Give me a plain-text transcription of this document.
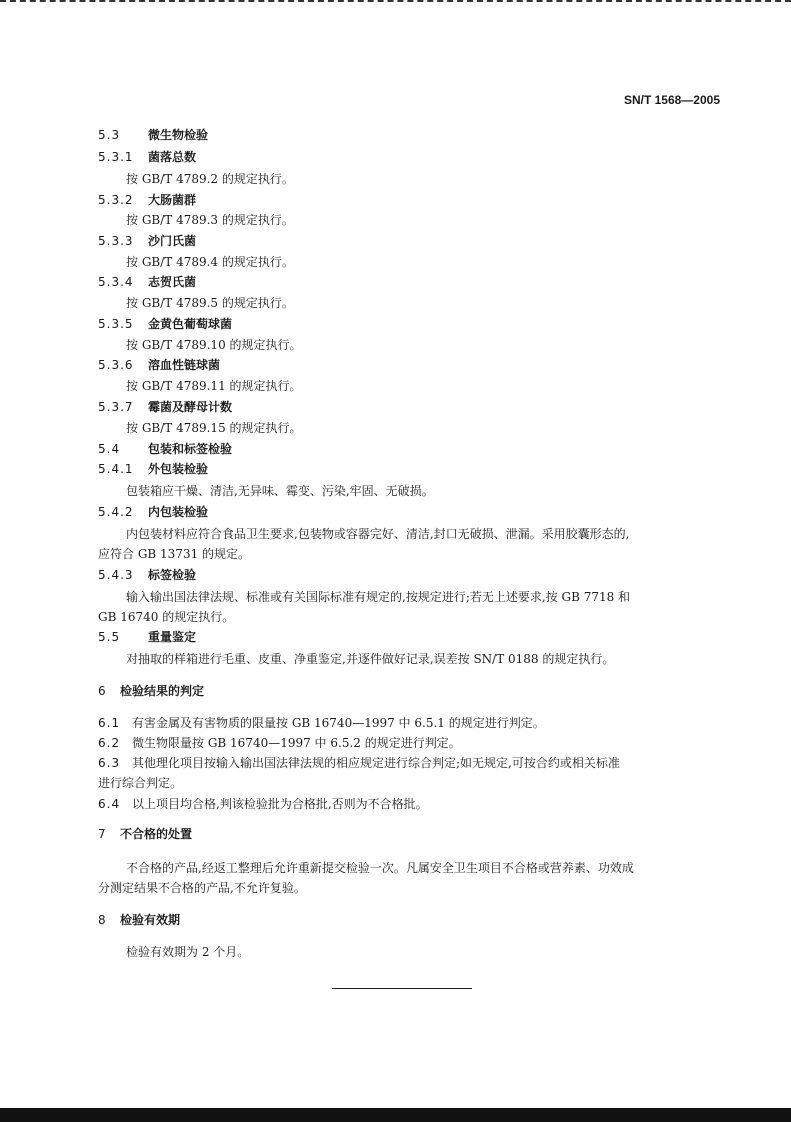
SN/T 1568—2005
5.3 微生物检验
5.3.1 菌落总数
按 GB/T 4789.2 的规定执行。
5.3.2 大肠菌群
按 GB/T 4789.3 的规定执行。
5.3.3 沙门氏菌
按 GB/T 4789.4 的规定执行。
5.3.4 志贺氏菌
按 GB/T 4789.5 的规定执行。
5.3.5 金黄色葡萄球菌
按 GB/T 4789.10 的规定执行。
5.3.6 溶血性链球菌
按 GB/T 4789.11 的规定执行。
5.3.7 霉菌及酵母计数
按 GB/T 4789.15 的规定执行。
5.4 包装和标签检验
5.4.1 外包装检验
包装箱应干燥、清洁,无异味、霉变、污染,牢固、无破损。
5.4.2 内包装检验
内包装材料应符合食品卫生要求,包装物或容器完好、清洁,封口无破损、泄漏。采用胶囊形态的,
应符合 GB 13731 的规定。
5.4.3 标签检验
输入输出国法律法规、标准或有关国际标准有规定的,按规定进行;若无上述要求,按 GB 7718 和
GB 16740 的规定执行。
5.5 重量鉴定
对抽取的样箱进行毛重、皮重、净重鉴定,并逐件做好记录,误差按 SN/T 0188 的规定执行。
6 检验结果的判定
6.1 有害金属及有害物质的限量按 GB 16740—1997 中 6.5.1 的规定进行判定。
6.2 微生物限量按 GB 16740—1997 中 6.5.2 的规定进行判定。
6.3 其他理化项目按输入输出国法律法规的相应规定进行综合判定;如无规定,可按合约或相关标准
进行综合判定。
6.4 以上项目均合格,判该检验批为合格批,否则为不合格批。
7 不合格的处置
不合格的产品,经返工整理后允许重新提交检验一次。凡属安全卫生项目不合格或营养素、功效成
分测定结果不合格的产品,不允许复验。
8 检验有效期
检验有效期为 2 个月。
